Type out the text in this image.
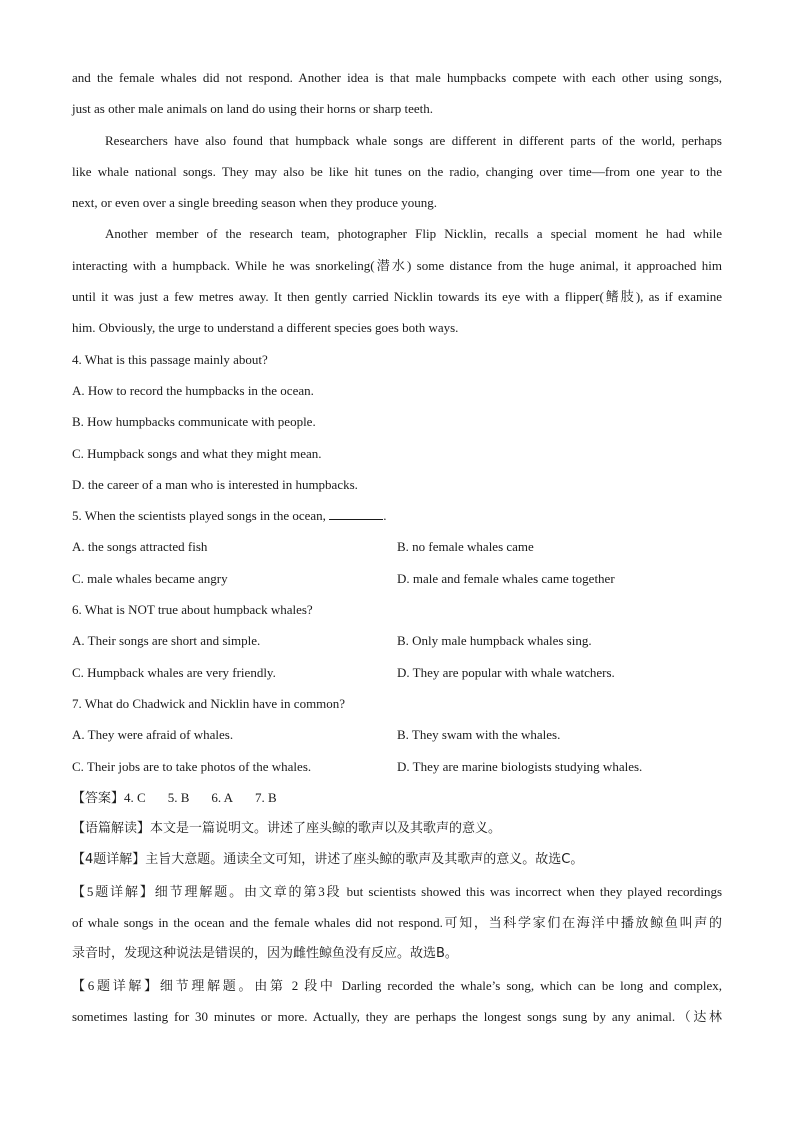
and the female whales did not respond. Another idea is that male humpbacks compete with each other using songs,
just as other male animals on land do using their horns or sharp teeth.
Researchers have also found that humpback whale songs are different in different parts of the world, perhaps
like whale national songs. They may also be like hit tunes on the radio, changing over time—from one year to the
next, or even over a single breeding season when they produce young.
Another member of the research team, photographer Flip Nicklin, recalls a special moment he had while
interacting with a humpback. While he was snorkeling(潜水) some distance from the huge animal, it approached him
until it was just a few metres away. It then gently carried Nicklin towards its eye with a flipper(鳍肢), as if examine
him. Obviously, the urge to understand a different species goes both ways.
4. What is this passage mainly about?
A. How to record the humpbacks in the ocean.
B. How humpbacks communicate with people.
C. Humpback songs and what they might mean.
D. the career of a man who is interested in humpbacks.
5. When the scientists played songs in the ocean,	.
A. the songs attracted fish	B. no female whales came
C. male whales became angry	D. male and female whales came together
6. What is NOT true about humpback whales?
A. Their songs are short and simple.	B. Only male humpback whales sing.
C. Humpback whales are very friendly.	D. They are popular with whale watchers.
7. What do Chadwick and Nicklin have in common?
A. They were afraid of whales.	B. They swam with the whales.
C. Their jobs are to take photos of the whales.	D. They are marine biologists studying whales.
【答案】4. C 5. B 6. A 7. B
【语篇解读】本文是一篇说明文。讲述了座头鲸的歌声以及其歌声的意义。
【4题详解】主旨大意题。通读全文可知，讲述了座头鲸的歌声及其歌声的意义。故选C。
【5题详解】细节理解题。由文章的第3段 but scientists showed this was incorrect when they played recordings
of whale songs in the ocean and the female whales did not respond.可知，当科学家们在海洋中播放鲸鱼叫声的
录音时，发现这种说法是错误的，因为雌性鲸鱼没有反应。故选B。
【6题详解】细节理解题。由第 2 段中 Darling recorded the whale’s song, which can be long and complex,
sometimes lasting for 30 minutes or more. Actually, they are perhaps the longest songs sung by any animal.（达林
